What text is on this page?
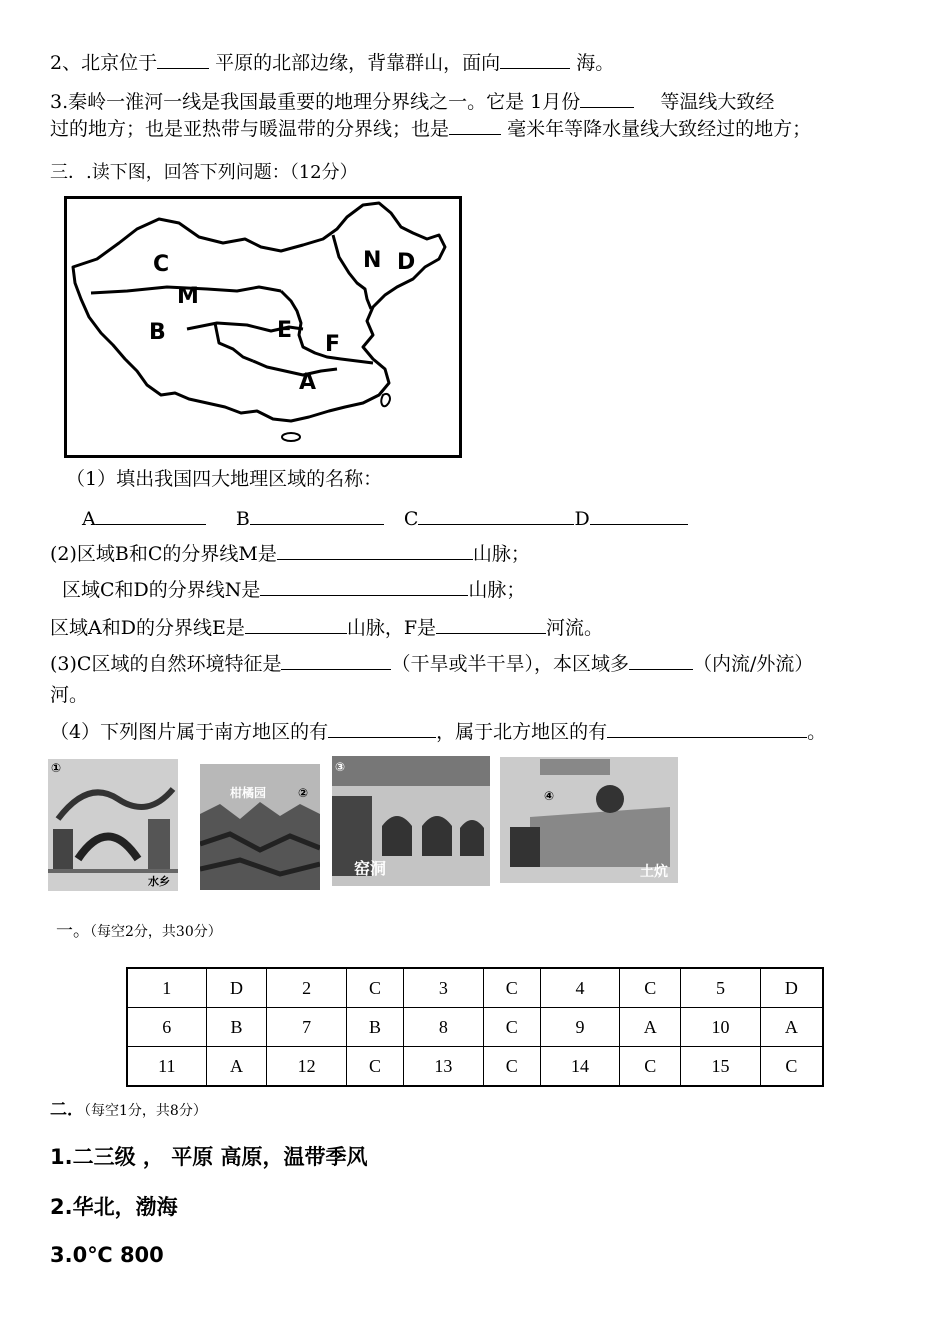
2、北京位于	平原的北部边缘，背靠群山，面向	海。
3.秦岭一淮河一线是我国最重要的地理分界线之一。它是 1月份	等温线大致经
过的地方；也是亚热带与暖温带的分界线；也是	毫米年等降水量线大致经过的地方；
三．.读下图，回答下列问题：（12分）
C
M
B	E
F
A
N D
（1）填出我国四大地理区域的名称：
A	B	C	D
(2)区域B和C的分界线M是	山脉；
区域C和D的分界线N是	山脉；
区域A和D的分界线E是	山脉，F是	河流。
(3)C区域的自然环境特征是	（干旱或半干旱），本区域多	（内流/外流）
河。
（4）下列图片属于南方地区的有	，属于北方地区的有	。
①
水乡
柑橘园	②
③
窑洞
④
土炕
一。（每空2分，共30分）
1	D	2	C	3	C	4	C	5	D
6	B	7	B	8	C	9	A	10	A
11	A	12	C	13	C	14	C	15	C
二．（每空1分，共8分）
1.二三级 ， 平原 高原，温带季风
2.华北，渤海
3.0℃ 800
